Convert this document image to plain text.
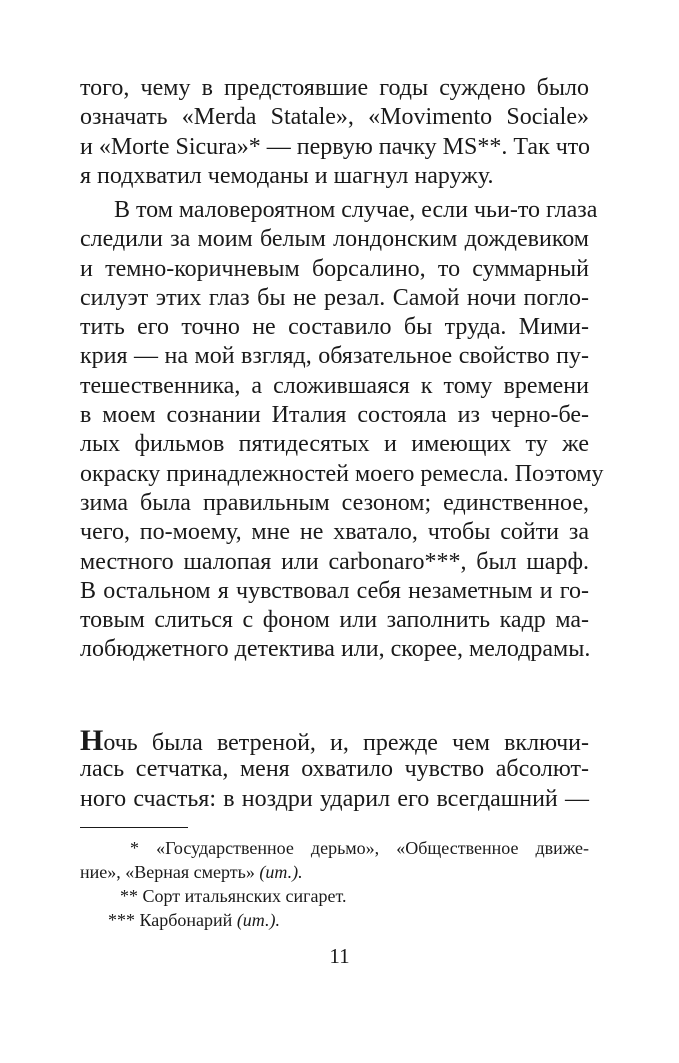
того, чему в предстоявшие годы суждено было
означать «Merda Statale», «Movimento Sociale»
и «Morte Sicura»* — первую пачку MS**. Так что
я подхватил чемоданы и шагнул наружу.
В том маловероятном случае, если чьи-то глаза
следили за моим белым лондонским дождевиком
и темно-коричневым борсалино, то суммарный
силуэт этих глаз бы не резал. Самой ночи погло-
тить его точно не составило бы труда. Мими-
крия — на мой взгляд, обязательное свойство пу-
тешественника, а сложившаяся к тому времени
в моем сознании Италия состояла из черно-бе-
лых фильмов пятидесятых и имеющих ту же
окраску принадлежностей моего ремесла. Поэтому
зима была правильным сезоном; единственное,
чего, по-моему, мне не хватало, чтобы сойти за
местного шалопая или carbonaro***, был шарф.
В остальном я чувствовал себя незаметным и го-
товым слиться с фоном или заполнить кадр ма-
лобюджетного детектива или, скорее, мелодрамы.
Ночь была ветреной, и, прежде чем включи-
лась сетчатка, меня охватило чувство абсолют-
ного счастья: в ноздри ударил его всегдашний —
* «Государственное дерьмо», «Общественное движе-
ние», «Верная смерть» (ит.).
** Сорт итальянских сигарет.
*** Карбонарий (ит.).
11
